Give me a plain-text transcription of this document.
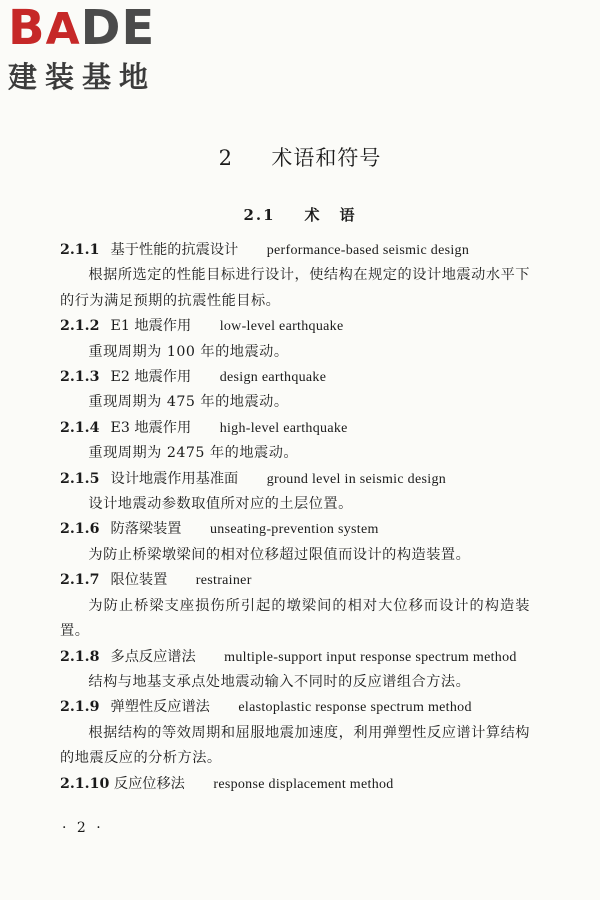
BADE
建装基地
2 术语和符号
2.1 术 语
2.1.1 基于性能的抗震设计 performance-based seismic design
根据所选定的性能目标进行设计，使结构在规定的设计地震动水平下的行为满足预期的抗震性能目标。
2.1.2 E1 地震作用 low-level earthquake
重现周期为 100 年的地震动。
2.1.3 E2 地震作用 design earthquake
重现周期为 475 年的地震动。
2.1.4 E3 地震作用 high-level earthquake
重现周期为 2475 年的地震动。
2.1.5 设计地震作用基准面 ground level in seismic design
设计地震动参数取值所对应的土层位置。
2.1.6 防落梁装置 unseating-prevention system
为防止桥梁墩梁间的相对位移超过限值而设计的构造装置。
2.1.7 限位装置 restrainer
为防止桥梁支座损伤所引起的墩梁间的相对大位移而设计的构造装置。
2.1.8 多点反应谱法 multiple-support input response spectrum method
结构与地基支承点处地震动输入不同时的反应谱组合方法。
2.1.9 弹塑性反应谱法 elastoplastic response spectrum method
根据结构的等效周期和屈服地震加速度，利用弹塑性反应谱计算结构的地震反应的分析方法。
2.1.10 反应位移法 response displacement method
· 2 ·
